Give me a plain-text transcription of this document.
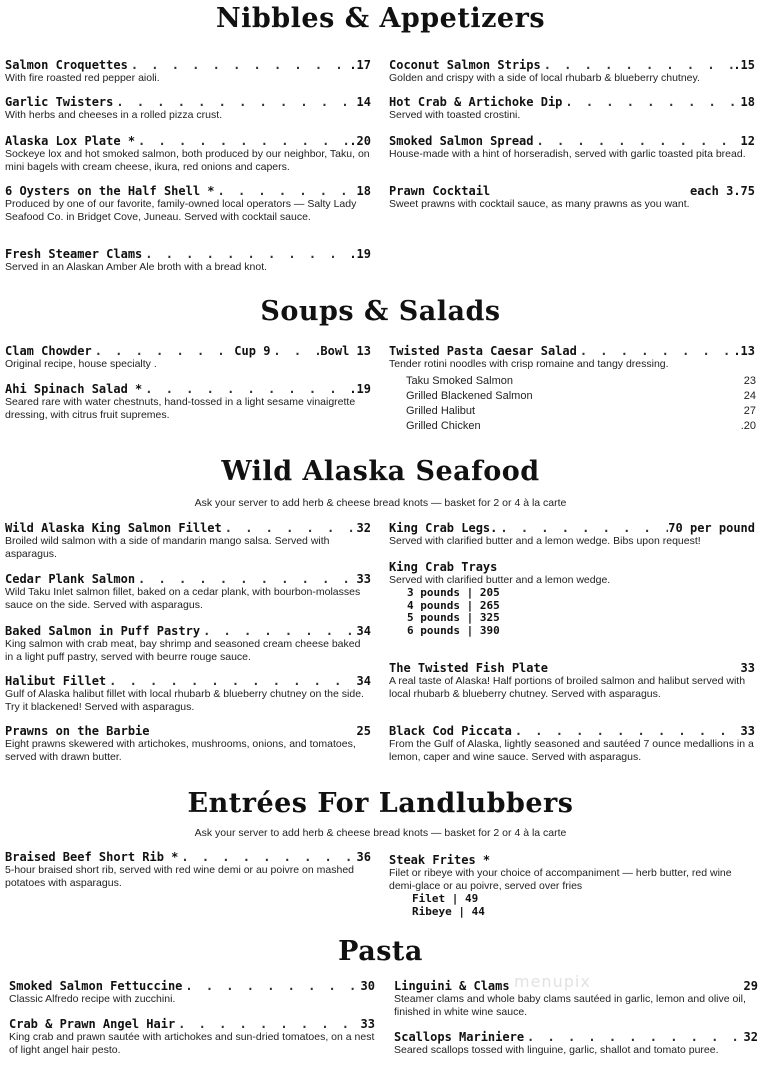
Nibbles & Appetizers
Soups & Salads
Wild Alaska Seafood
Ask your server to add herb & cheese bread knots — basket for 2 or 4 à la carte
Entrées For Landlubbers
Ask your server to add herb & cheese bread knots — basket for 2 or 4 à la carte
Pasta
Salmon Croquettes . . .	.17
With fire roasted red pepper aioli.
Garlic Twisters . . .	14
With herbs and cheeses in a rolled pizza crust.
Alaska Lox Plate * . . .	.20
Sockeye lox and hot smoked salmon, both produced by our neighbor, Taku, on mini bagels with cream cheese, ikura, red onions and capers.
6 Oysters on the Half Shell * . . .	18
Produced by one of our favorite, family-owned local operators — Salty Lady Seafood Co. in Bridget Cove, Juneau. Served with cocktail sauce.
Fresh Steamer Clams . . .	.19
Served in an Alaskan Amber Ale broth with a bread knot.
Coconut Salmon Strips . . .	.15
Golden and crispy with a side of local rhubarb & blueberry chutney.
Hot Crab & Artichoke Dip . . .	18
Served with toasted crostini.
Smoked Salmon Spread . . .	12
House-made with a hint of horseradish, served with garlic toasted pita bread.
Prawn Cocktail	each 3.75
Sweet prawns with cocktail sauce, as many prawns as you want.
Clam Chowder . . .	Cup 9 . . .	Bowl 13
Original recipe, house specialty .
Ahi Spinach Salad * . . .	.19
Seared rare with water chestnuts, hand-tossed in a light sesame vinaigrette dressing, with citrus fruit supremes.
Twisted Pasta Caesar Salad . . .	.13
Tender rotini noodles with crisp romaine and tangy dressing.
Taku Smoked Salmon	23
Grilled Blackened Salmon	24
Grilled Halibut	27
Grilled Chicken	.20
Wild Alaska King Salmon Fillet . . .	32
Broiled wild salmon with a side of mandarin mango salsa. Served with asparagus.
Cedar Plank Salmon . . .	33
Wild Taku Inlet salmon fillet, baked on a cedar plank, with bourbon-molasses sauce on the side. Served with asparagus.
Baked Salmon in Puff Pastry . . .	34
King salmon with crab meat, bay shrimp and seasoned cream cheese baked in a light puff pastry, served with beurre rouge sauce.
Halibut Fillet . . .	34
Gulf of Alaska halibut fillet with local rhubarb & blueberry chutney on the side. Try it blackened! Served with asparagus.
Prawns on the Barbie	25
Eight prawns skewered with artichokes, mushrooms, onions, and tomatoes, served with drawn butter.
King Crab Legs. . . .	70 per pound
Served with clarified butter and a lemon wedge. Bibs upon request!
King Crab Trays
Served with clarified butter and a lemon wedge.
3 pounds | 205
4 pounds | 265
5 pounds | 325
6 pounds | 390
The Twisted Fish Plate	33
A real taste of Alaska! Half portions of broiled salmon and halibut served with local rhubarb & blueberry chutney. Served with asparagus.
Black Cod Piccata . . .	33
From the Gulf of Alaska, lightly seasoned and sautéed 7 ounce medallions in a lemon, caper and wine sauce. Served with asparagus.
Braised Beef Short Rib * . . .	36
5-hour braised short rib, served with red wine demi or au poivre on mashed potatoes with asparagus.
Steak Frites *
Filet or ribeye with your choice of accompaniment — herb butter, red wine demi-glace or au poivre, served over fries
Filet | 49
Ribeye | 44
Smoked Salmon Fettuccine . . .	30
Classic Alfredo recipe with zucchini.
Crab & Prawn Angel Hair . . .	33
King crab and prawn sautée with artichokes and sun-dried tomatoes, on a nest of light angel hair pesto.
Linguini & Clams	29
Steamer clams and whole baby clams sautéed in garlic, lemon and olive oil, finished in white wine sauce.
Scallops Mariniere . . .	32
Seared scallops tossed with linguine, garlic, shallot and tomato puree.
menupix
